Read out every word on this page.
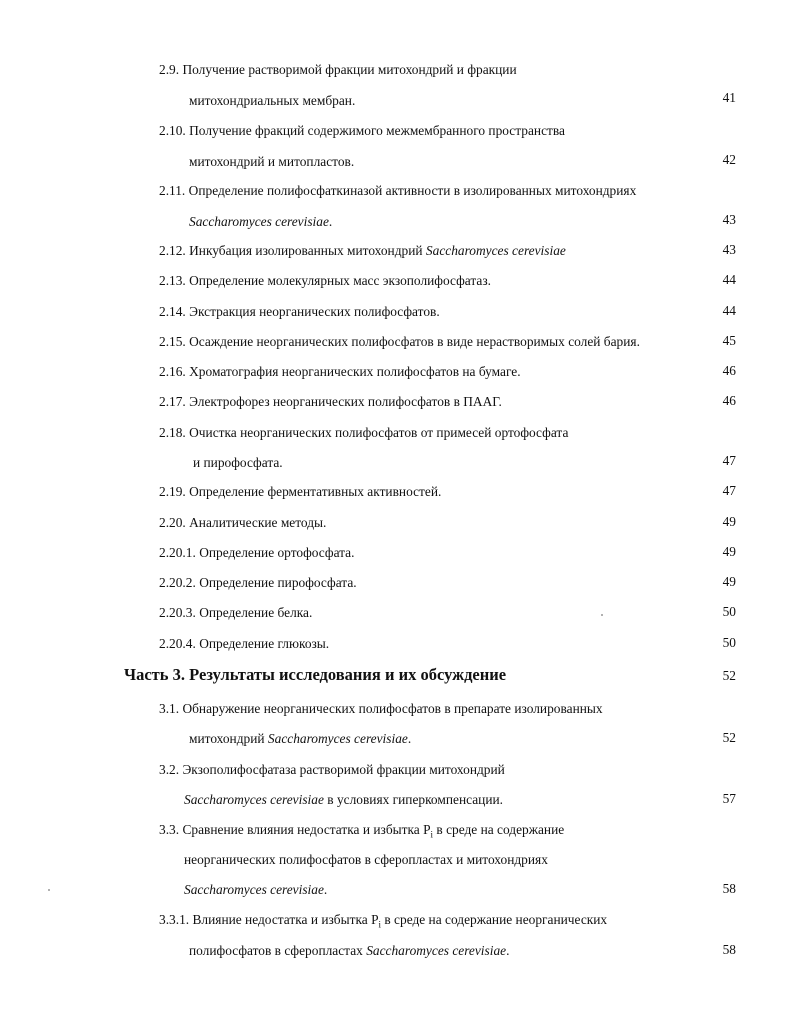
2.9. Получение растворимой фракции митохондрий и фракции
митохондриальных мембран.	41
2.10. Получение фракций содержимого межмембранного пространства
митохондрий и митопластов.	42
2.11. Определение полифосфаткиназой активности в изолированных митохондриях
Saccharomyces cerevisiae.	43
2.12. Инкубация изолированных митохондрий Saccharomyces cerevisiae	43
2.13. Определение молекулярных масс экзополифосфатаз.	44
2.14. Экстракция неорганических полифосфатов.	44
2.15. Осаждение неорганических полифосфатов в виде нерастворимых солей бария.	45
2.16. Хроматография неорганических полифосфатов на бумаге.	46
2.17. Электрофорез неорганических полифосфатов в ПААГ.	46
2.18. Очистка неорганических полифосфатов от примесей ортофосфата
и пирофосфата.	47
2.19. Определение ферментативных активностей.	47
2.20. Аналитические методы.	49
2.20.1. Определение ортофосфата.	49
2.20.2. Определение пирофосфата.	49
2.20.3. Определение белка.	50
2.20.4. Определение глюкозы.	50
Часть 3. Результаты исследования и их обсуждение	52
3.1. Обнаружение неорганических полифосфатов в препарате изолированных
митохондрий Saccharomyces cerevisiae.	52
3.2. Экзополифосфатаза растворимой фракции митохондрий
Saccharomyces cerevisiae в условиях гиперкомпенсации.	57
3.3. Сравнение влияния недостатка и избытка $P_i$ в среде на содержание
неорганических полифосфатов в сферопластах и митохондриях
Saccharomyces cerevisiae.	58
3.3.1. Влияние недостатка и избытка $P_i$ в среде на содержание неорганических
полифосфатов в сферопластах Saccharomyces cerevisiae.	58
